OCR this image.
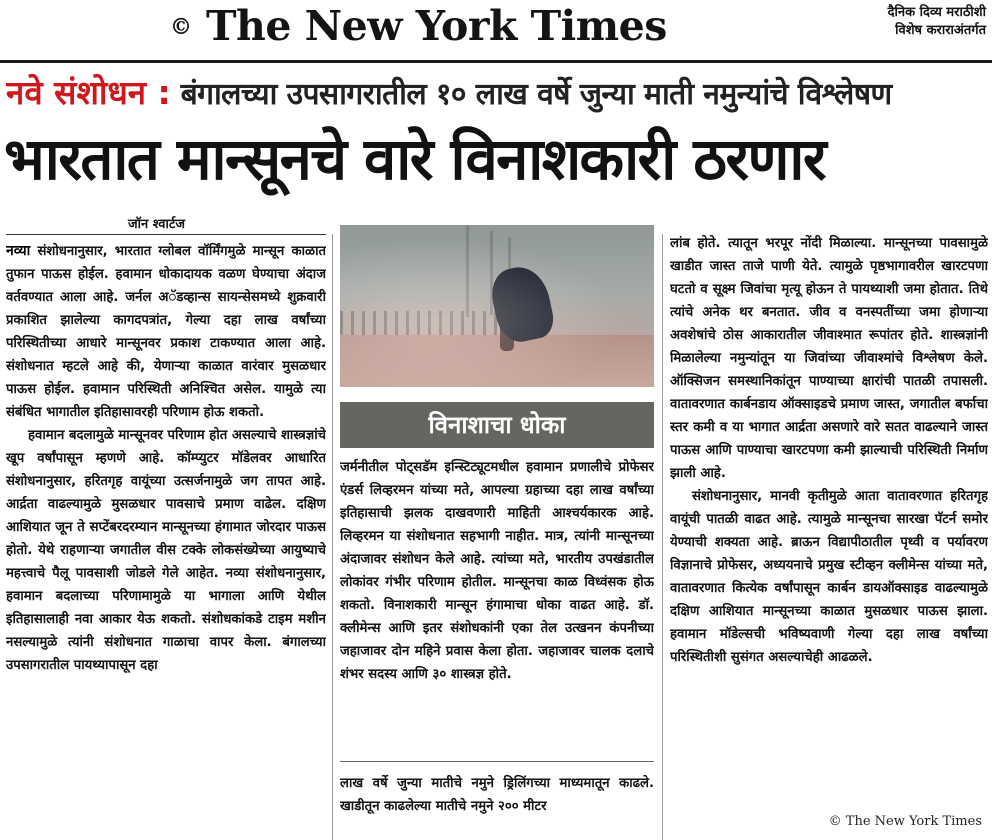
© The New York Times	दैनिक दिव्य मराठीशी
विशेष कराराअंतर्गत
नवे संशोधन : बंगालच्या उपसागरातील १० लाख वर्षे जुन्या माती नमुन्यांचे विश्लेषण
भारतात मान्सूनचे वारे विनाशकारी ठरणार
जॉन श्वार्टज

नव्या संशोधनानुसार, भारतात ग्लोबल वॉर्मिंगमुळे मान्सून काळात तुफान पाऊस होईल. हवामान धोकादायक वळण घेण्याचा अंदाज वर्तवण्यात आला आहे. जर्नल अॅडव्हान्स सायन्सेसमध्ये शुक्रवारी प्रकाशित झालेल्या कागदपत्रांत, गेल्या दहा लाख वर्षांच्या परिस्थितीच्या आधारे मान्सूनवर प्रकाश टाकण्यात आला आहे. संशोधनात म्हटले आहे की, येणाऱ्या काळात वारंवार मुसळधार पाऊस होईल. हवामान परिस्थिती अनिश्चित असेल. यामुळे त्या संबंधित भागातील इतिहासावरही परिणाम होऊ शकतो.

हवामान बदलामुळे मान्सूनवर परिणाम होत असल्याचे शास्त्रज्ञांचे खूप वर्षांपासून म्हणणे आहे. कॉम्प्युटर मॉडेलवर आधारित संशोधनानुसार, हरितगृह वायूंच्या उत्सर्जनामुळे जग तापत आहे. आर्द्रता वाढल्यामुळे मुसळधार पावसाचे प्रमाण वाढेल. दक्षिण आशियात जून ते सप्टेंबरदरम्यान मान्सूनच्या हंगामात जोरदार पाऊस होतो. येथे राहणाऱ्या जगातील वीस टक्के लोकसंख्येच्या आयुष्याचे महत्त्वाचे पैलू पावसाशी जोडले गेले आहेत. नव्या संशोधनानुसार, हवामान बदलाच्या परिणामामुळे या भागाला आणि येथील इतिहासालाही नवा आकार येऊ शकतो. संशोधकांकडे टाइम मशीन नसल्यामुळे त्यांनी संशोधनात गाळाचा वापर केला. बंगालच्या उपसागरातील पायथ्यापासून दहा

विनाशाचा धोका

जर्मनीतील पोट्सडॅम इन्स्टिट्यूटमधील हवामान प्रणालीचे प्रोफेसर एंडर्स लिव्हरमन यांच्या मते, आपल्या ग्रहाच्या दहा लाख वर्षांच्या इतिहासाची झलक दाखवणारी माहिती आश्चर्यकारक आहे. लिव्हरमन या संशोधनात सहभागी नाहीत. मात्र, त्यांनी मान्सूनच्या अंदाजावर संशोधन केले आहे. त्यांच्या मते, भारतीय उपखंडातील लोकांवर गंभीर परिणाम होतील. मान्सूनचा काळ विध्वंसक होऊ शकतो. विनाशकारी मान्सून हंगामाचा धोका वाढत आहे. डॉ. क्लीमेन्स आणि इतर संशोधकांनी एका तेल उत्खनन कंपनीच्या जहाजावर दोन महिने प्रवास केला होता. जहाजावर चालक दलाचे शंभर सदस्य आणि ३० शास्त्रज्ञ होते.

लाख वर्षे जुन्या मातीचे नमुने ड्रिलिंगच्या माध्यमातून काढले. खाडीतून काढलेल्या मातीचे नमुने २०० मीटर

लांब होते. त्यातून भरपूर नोंदी मिळाल्या. मान्सूनच्या पावसामुळे खाडीत जास्त ताजे पाणी येते. त्यामुळे पृष्ठभागावरील खारटपणा घटतो व सूक्ष्म जिवांचा मृत्यू होऊन ते पायथ्याशी जमा होतात. तिथे त्यांचे अनेक थर बनतात. जीव व वनस्पतींच्या जमा होणाऱ्या अवशेषांचे ठोस आकारातील जीवाश्मात रूपांतर होते. शास्त्रज्ञांनी मिळालेल्या नमुन्यांतून या जिवांच्या जीवाश्मांचे विश्लेषण केले. ऑक्सिजन समस्थानिकांतून पाण्याच्या क्षारांची पातळी तपासली. वातावरणात कार्बनडाय ऑक्साइडचे प्रमाण जास्त, जगातील बर्फाचा स्तर कमी व या भागात आर्द्रता असणारे वारे सतत वाढल्याने जास्त पाऊस आणि पाण्याचा खारटपणा कमी झाल्याची परिस्थिती निर्माण झाली आहे.

संशोधनानुसार, मानवी कृतीमुळे आता वातावरणात हरितगृह वायूंची पातळी वाढत आहे. त्यामुळे मान्सूनचा सारखा पॅटर्न समोर येण्याची शक्यता आहे. ब्राऊन विद्यापीठातील पृथ्वी व पर्यावरण विज्ञानाचे प्रोफेसर, अध्ययनाचे प्रमुख स्टीव्हन क्लीमेन्स यांच्या मते, वातावरणात कित्येक वर्षांपासून कार्बन डायऑक्साइड वाढल्यामुळे दक्षिण आशियात मान्सूनच्या काळात मुसळधार पाऊस झाला. हवामान मॉडेल्सची भविष्यवाणी गेल्या दहा लाख वर्षांच्या परिस्थितीशी सुसंगत असल्याचेही आढळले.

© The New York Times
